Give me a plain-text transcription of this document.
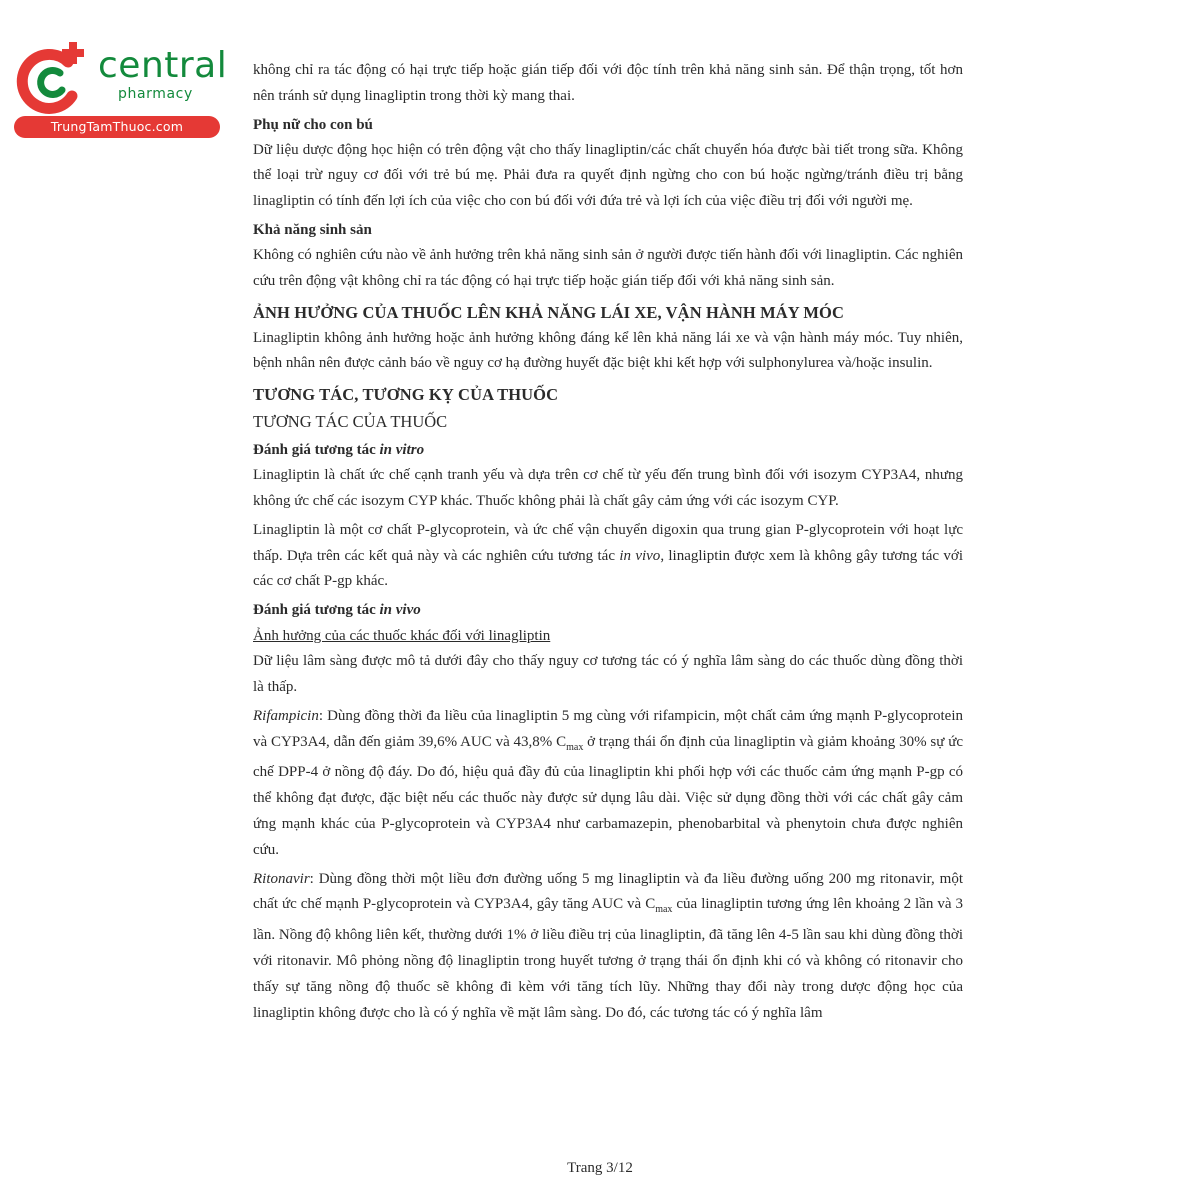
central
pharmacy
TrungTamThuoc.com

không chỉ ra tác động có hại trực tiếp hoặc gián tiếp đối với độc tính trên khả năng sinh sản. Để thận trọng, tốt hơn nên tránh sử dụng linagliptin trong thời kỳ mang thai.

Phụ nữ cho con bú

Dữ liệu dược động học hiện có trên động vật cho thấy linagliptin/các chất chuyển hóa được bài tiết trong sữa. Không thể loại trừ nguy cơ đối với trẻ bú mẹ. Phải đưa ra quyết định ngừng cho con bú hoặc ngừng/tránh điều trị bằng linagliptin có tính đến lợi ích của việc cho con bú đối với đứa trẻ và lợi ích của việc điều trị đối với người mẹ.

Khả năng sinh sản

Không có nghiên cứu nào về ảnh hưởng trên khả năng sinh sản ở người được tiến hành đối với linagliptin. Các nghiên cứu trên động vật không chỉ ra tác động có hại trực tiếp hoặc gián tiếp đối với khả năng sinh sản.

ẢNH HƯỞNG CỦA THUỐC LÊN KHẢ NĂNG LÁI XE, VẬN HÀNH MÁY MÓC

Linagliptin không ảnh hưởng hoặc ảnh hưởng không đáng kể lên khả năng lái xe và vận hành máy móc. Tuy nhiên, bệnh nhân nên được cảnh báo về nguy cơ hạ đường huyết đặc biệt khi kết hợp với sulphonylurea và/hoặc insulin.

TƯƠNG TÁC, TƯƠNG KỴ CỦA THUỐC
TƯƠNG TÁC CỦA THUỐC
Đánh giá tương tác in vitro

Linagliptin là chất ức chế cạnh tranh yếu và dựa trên cơ chế từ yếu đến trung bình đối với isozym CYP3A4, nhưng không ức chế các isozym CYP khác. Thuốc không phải là chất gây cảm ứng với các isozym CYP.

Linagliptin là một cơ chất P-glycoprotein, và ức chế vận chuyển digoxin qua trung gian P-glycoprotein với hoạt lực thấp. Dựa trên các kết quả này và các nghiên cứu tương tác in vivo, linagliptin được xem là không gây tương tác với các cơ chất P-gp khác.

Đánh giá tương tác in vivo
Ảnh hưởng của các thuốc khác đối với linagliptin

Dữ liệu lâm sàng được mô tả dưới đây cho thấy nguy cơ tương tác có ý nghĩa lâm sàng do các thuốc dùng đồng thời là thấp.

Rifampicin: Dùng đồng thời đa liều của linagliptin 5 mg cùng với rifampicin, một chất cảm ứng mạnh P-glycoprotein và CYP3A4, dẫn đến giảm 39,6% AUC và 43,8% $C_{max}$ ở trạng thái ổn định của linagliptin và giảm khoảng 30% sự ức chế DPP-4 ở nồng độ đáy. Do đó, hiệu quả đầy đủ của linagliptin khi phối hợp với các thuốc cảm ứng mạnh P-gp có thể không đạt được, đặc biệt nếu các thuốc này được sử dụng lâu dài. Việc sử dụng đồng thời với các chất gây cảm ứng mạnh khác của P-glycoprotein và CYP3A4 như carbamazepin, phenobarbital và phenytoin chưa được nghiên cứu.

Ritonavir: Dùng đồng thời một liều đơn đường uống 5 mg linagliptin và đa liều đường uống 200 mg ritonavir, một chất ức chế mạnh P-glycoprotein và CYP3A4, gây tăng AUC và $C_{max}$ của linagliptin tương ứng lên khoảng 2 lần và 3 lần. Nồng độ không liên kết, thường dưới 1% ở liều điều trị của linagliptin, đã tăng lên 4-5 lần sau khi dùng đồng thời với ritonavir. Mô phỏng nồng độ linagliptin trong huyết tương ở trạng thái ổn định khi có và không có ritonavir cho thấy sự tăng nồng độ thuốc sẽ không đi kèm với tăng tích lũy. Những thay đổi này trong dược động học của linagliptin không được cho là có ý nghĩa về mặt lâm sàng. Do đó, các tương tác có ý nghĩa lâm

Trang 3/12
